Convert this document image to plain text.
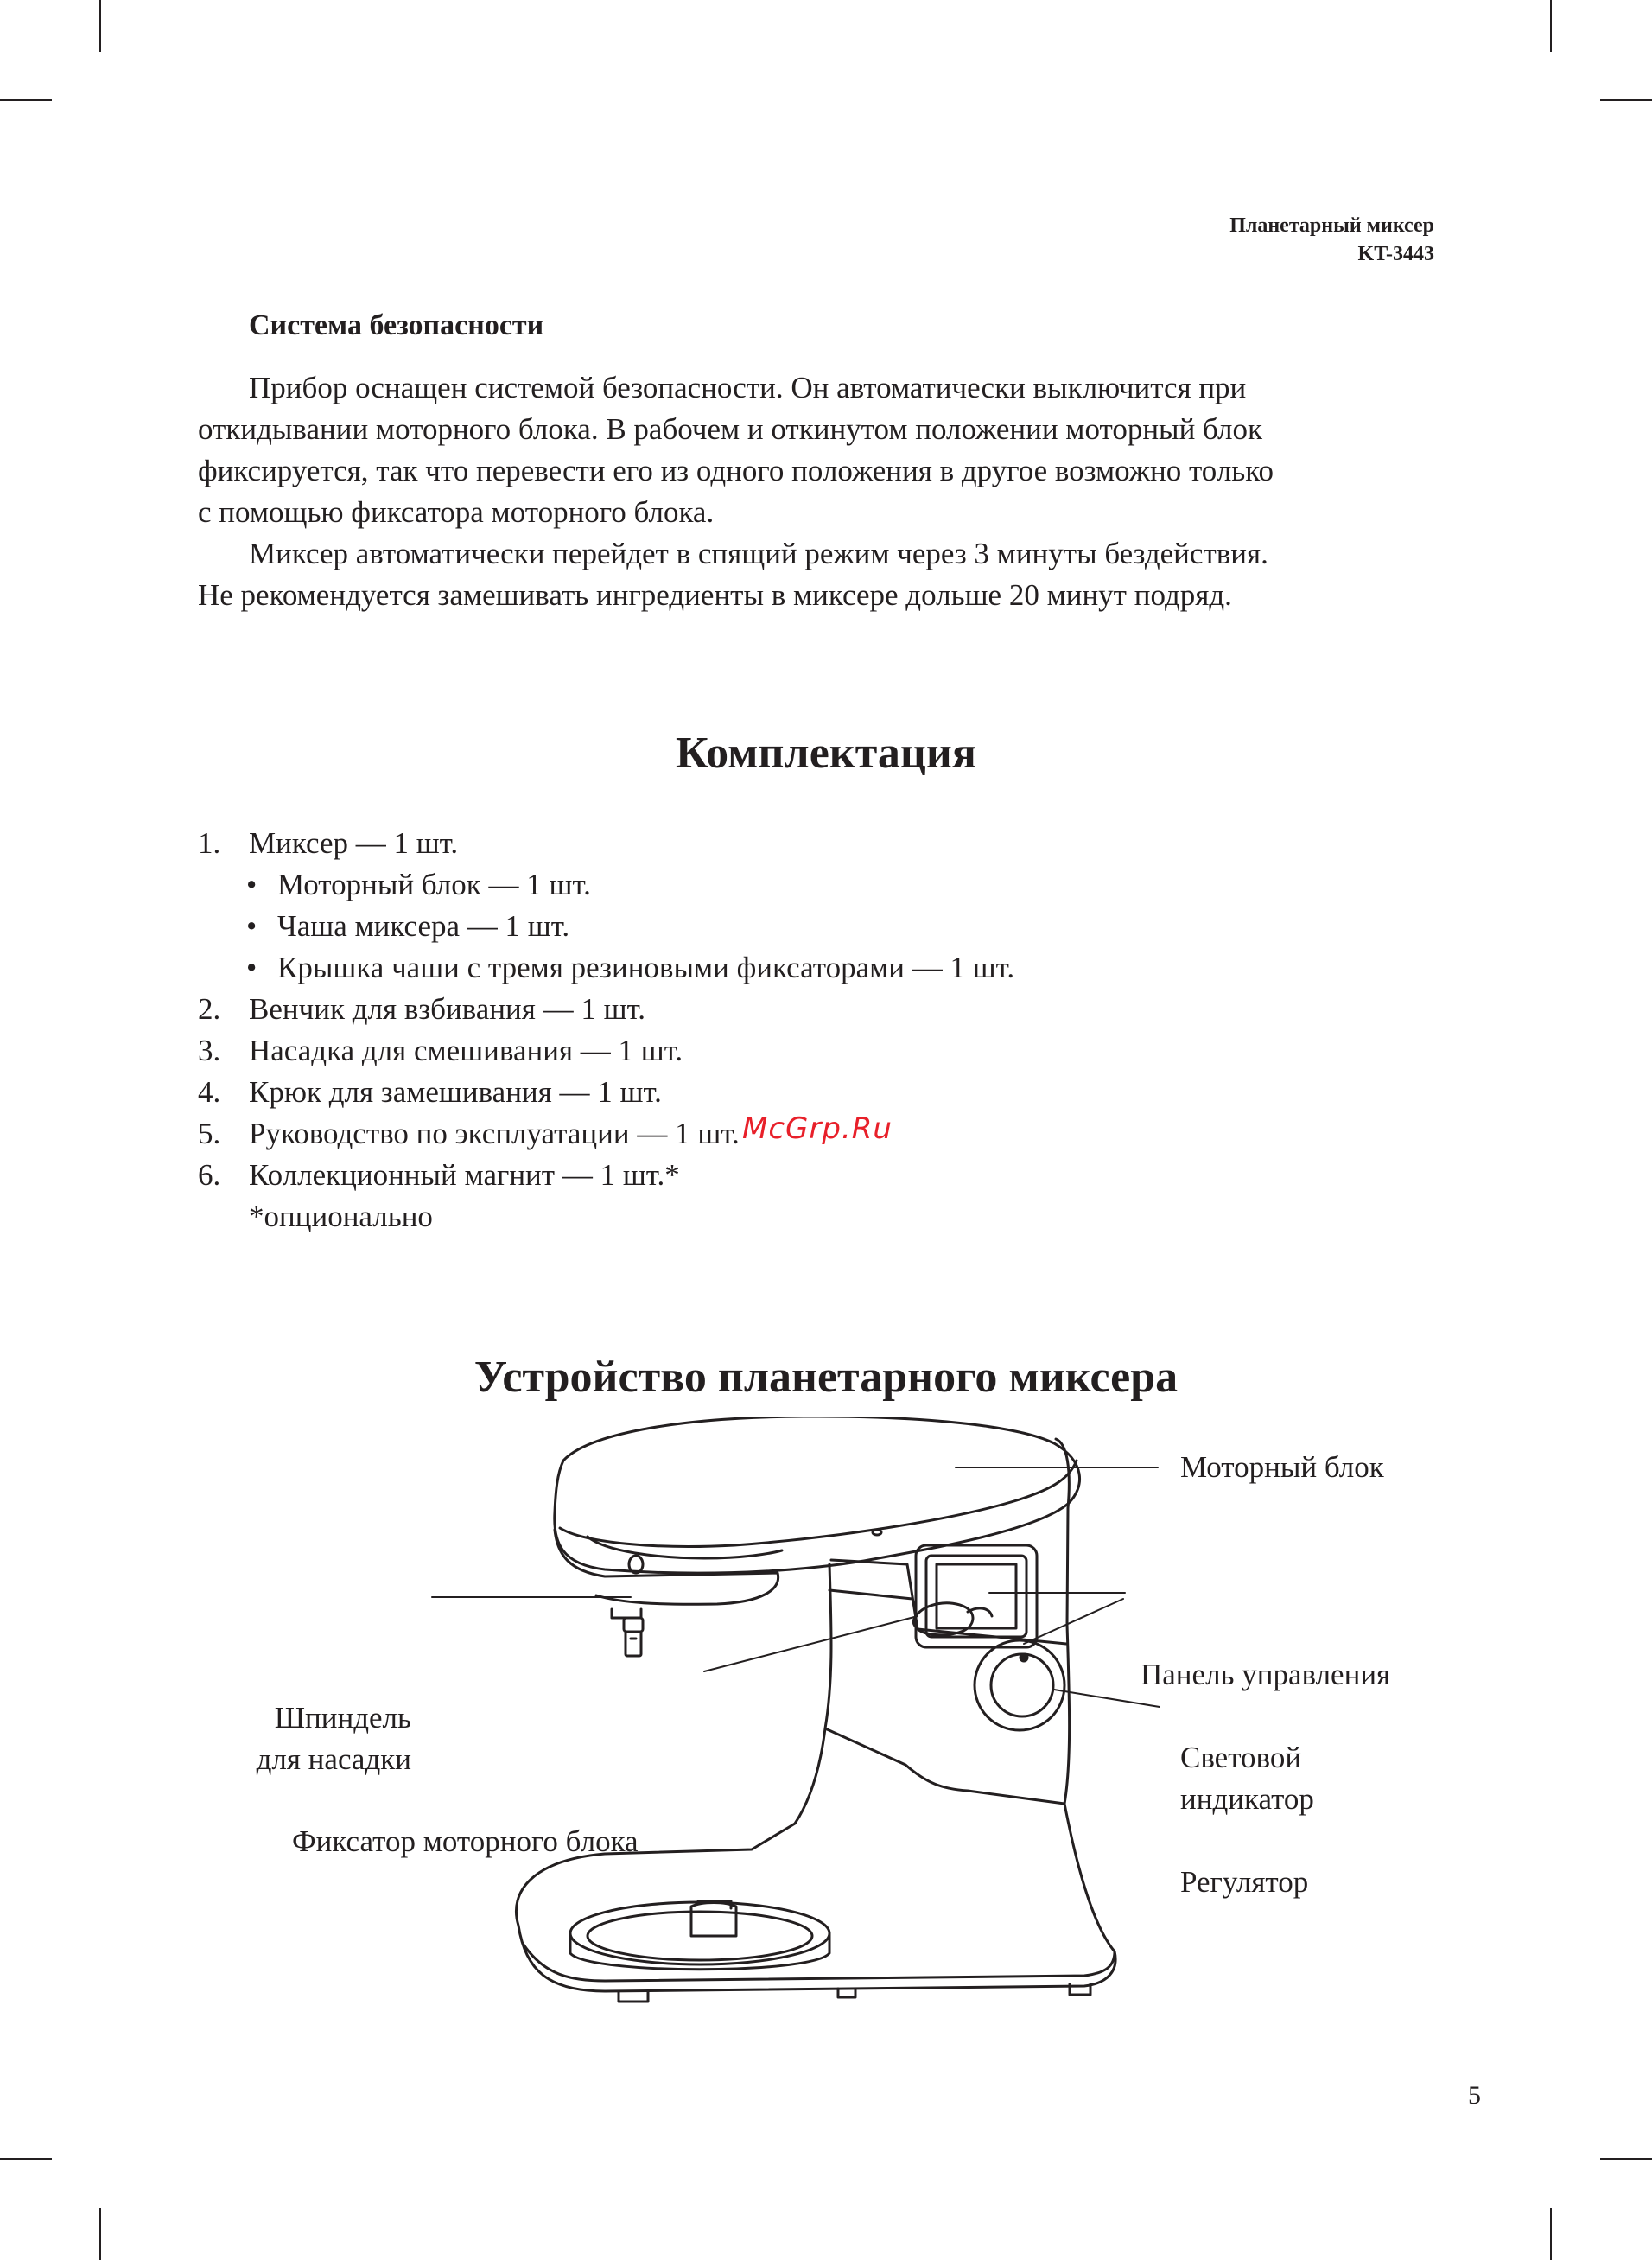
Планетарный миксер
KT-3443
Система безопасности

Прибор оснащен системой безопасности. Он автоматически выключится при
откидывании моторного блока. В рабочем и откинутом положении моторный блок
фиксируется, так что перевести его из одного положения в другое возможно только
с помощью фиксатора моторного блока.

Миксер автоматически перейдет в спящий режим через 3 минуты бездействия.
Не рекомендуется замешивать ингредиенты в миксере дольше 20 минут подряд.

Комплектация
1. Миксер — 1 шт.
• Моторный блок — 1 шт.
• Чаша миксера — 1 шт.
• Крышка чаши с тремя резиновыми фиксаторами — 1 шт.
2. Венчик для взбивания — 1 шт.
3. Насадка для смешивания — 1 шт.
4. Крюк для замешивания — 1 шт.
5. Руководство по эксплуатации — 1 шт.
6. Коллекционный магнит — 1 шт.*
*опционально
McGrp.Ru
Устройство планетарного миксера
Моторный блок
Панель управления
Шпиндель
для насадки	Световой
индикатор
Фиксатор моторного блока
Регулятор
5
